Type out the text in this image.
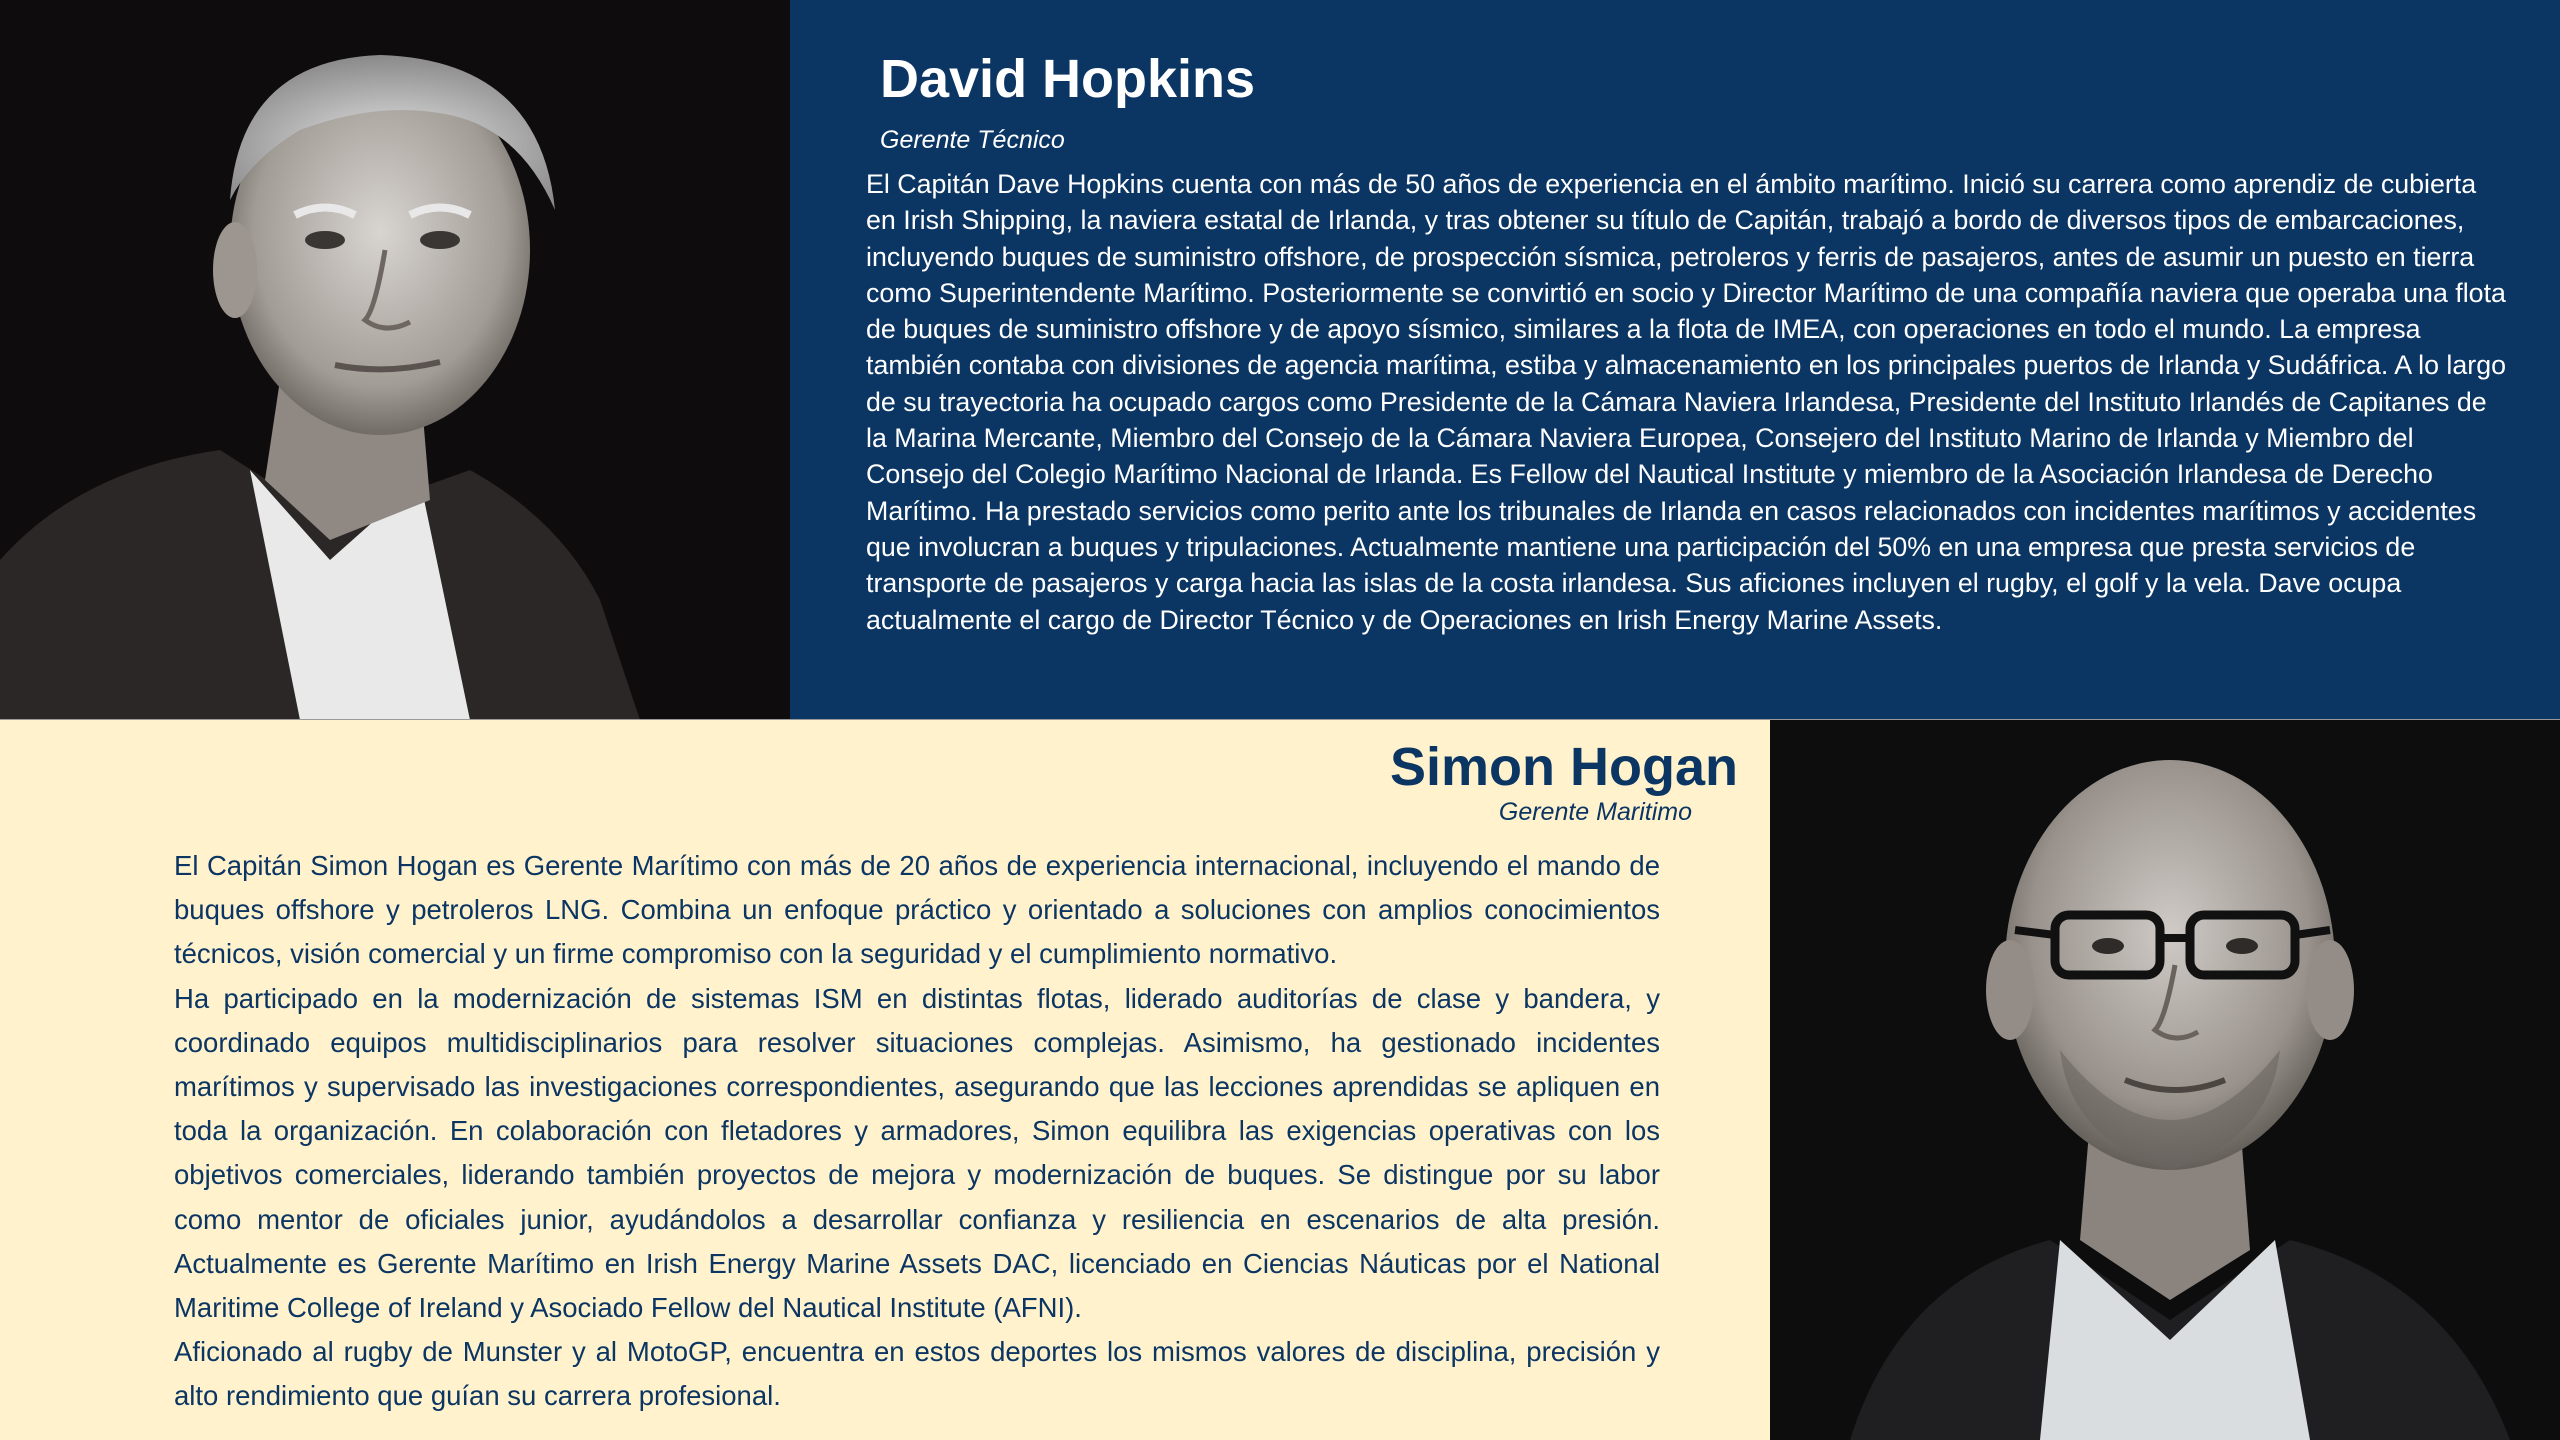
David Hopkins
Gerente Técnico

El Capitán Dave Hopkins cuenta con más de 50 años de experiencia en el ámbito marítimo. Inició su carrera como aprendiz de cubierta en Irish Shipping, la naviera estatal de Irlanda, y tras obtener su título de Capitán, trabajó a bordo de diversos tipos de embarcaciones, incluyendo buques de suministro offshore, de prospección sísmica, petroleros y ferris de pasajeros, antes de asumir un puesto en tierra como Superintendente Marítimo. Posteriormente se convirtió en socio y Director Marítimo de una compañía naviera que operaba una flota de buques de suministro offshore y de apoyo sísmico, similares a la flota de IMEA, con operaciones en todo el mundo. La empresa también contaba con divisiones de agencia marítima, estiba y almacenamiento en los principales puertos de Irlanda y Sudáfrica. A lo largo de su trayectoria ha ocupado cargos como Presidente de la Cámara Naviera Irlandesa, Presidente del Instituto Irlandés de Capitanes de la Marina Mercante, Miembro del Consejo de la Cámara Naviera Europea, Consejero del Instituto Marino de Irlanda y Miembro del Consejo del Colegio Marítimo Nacional de Irlanda. Es Fellow del Nautical Institute y miembro de la Asociación Irlandesa de Derecho Marítimo. Ha prestado servicios como perito ante los tribunales de Irlanda en casos relacionados con incidentes marítimos y accidentes que involucran a buques y tripulaciones. Actualmente mantiene una participación del 50% en una empresa que presta servicios de transporte de pasajeros y carga hacia las islas de la costa irlandesa. Sus aficiones incluyen el rugby, el golf y la vela. Dave ocupa actualmente el cargo de Director Técnico y de Operaciones en Irish Energy Marine Assets.

Simon Hogan
Gerente Maritimo

El Capitán Simon Hogan es Gerente Marítimo con más de 20 años de experiencia internacional, incluyendo el mando de buques offshore y petroleros LNG. Combina un enfoque práctico y orientado a soluciones con amplios conocimientos técnicos, visión comercial y un firme compromiso con la seguridad y el cumplimiento normativo.

Ha participado en la modernización de sistemas ISM en distintas flotas, liderado auditorías de clase y bandera, y coordinado equipos multidisciplinarios para resolver situaciones complejas. Asimismo, ha gestionado incidentes marítimos y supervisado las investigaciones correspondientes, asegurando que las lecciones aprendidas se apliquen en toda la organización. En colaboración con fletadores y armadores, Simon equilibra las exigencias operativas con los objetivos comerciales, liderando también proyectos de mejora y modernización de buques. Se distingue por su labor como mentor de oficiales junior, ayudándolos a desarrollar confianza y resiliencia en escenarios de alta presión. Actualmente es Gerente Marítimo en Irish Energy Marine Assets DAC, licenciado en Ciencias Náuticas por el National Maritime College of Ireland y Asociado Fellow del Nautical Institute (AFNI).

Aficionado al rugby de Munster y al MotoGP, encuentra en estos deportes los mismos valores de disciplina, precisión y alto rendimiento que guían su carrera profesional.
